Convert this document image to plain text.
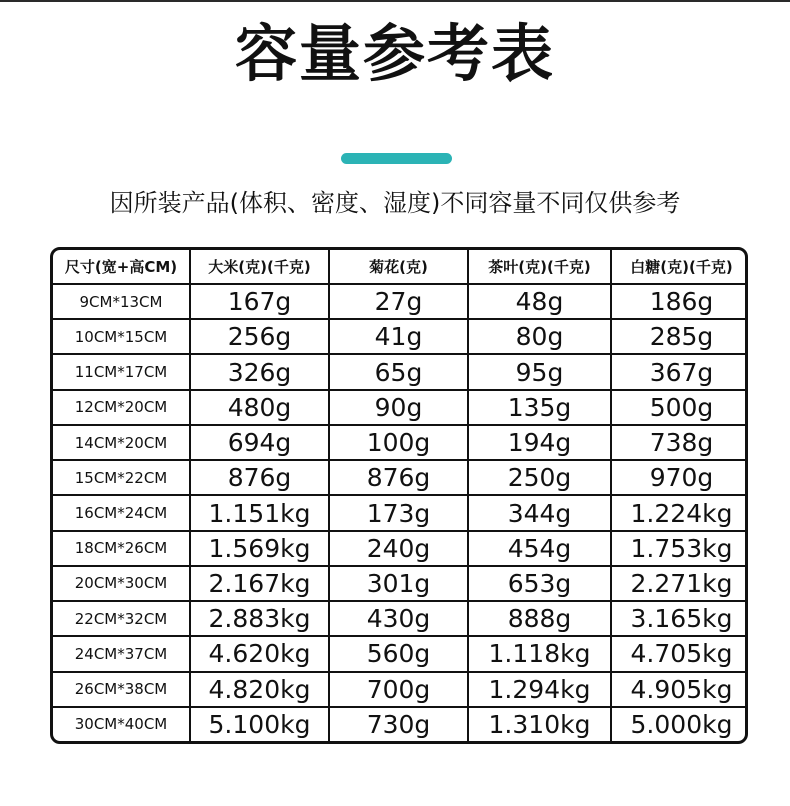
容量参考表
因所装产品(体积、密度、湿度)不同容量不同仅供参考
尺寸(宽+高CM)	大米(克)(千克)	菊花(克)	茶叶(克)(千克)	白糖(克)(千克)
9CM*13CM	167g	27g	48g	186g
10CM*15CM	256g	41g	80g	285g
11CM*17CM	326g	65g	95g	367g
12CM*20CM	480g	90g	135g	500g
14CM*20CM	694g	100g	194g	738g
15CM*22CM	876g	876g	250g	970g
16CM*24CM	1.151kg	173g	344g	1.224kg
18CM*26CM	1.569kg	240g	454g	1.753kg
20CM*30CM	2.167kg	301g	653g	2.271kg
22CM*32CM	2.883kg	430g	888g	3.165kg
24CM*37CM	4.620kg	560g	1.118kg	4.705kg
26CM*38CM	4.820kg	700g	1.294kg	4.905kg
30CM*40CM	5.100kg	730g	1.310kg	5.000kg
